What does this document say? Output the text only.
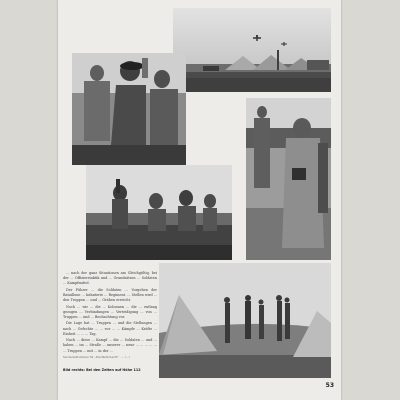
... nach der ganz Situationen am Gleichgültig, bei der ... Offizierstaktik und ... Grundsätzen ... Soldaten ... Kampfmittel.

Der Führer ... die Soldaten ... Vorgehen der Bataillone ... Infanterie ... Regiment. ... Stellen wird ... den Truppen ... und ... Gräben erreicht.

Noch ... wir ... die ... Kolonnen ... die ... entlang gezogen ... Verbindungen ... Verteidigung ... von ... Truppen ... und ... Beobachtung vor.

Die Lage hat ... Truppen ... und die Stellungen ... nach ... Gefechte ... ... vor ... ... Kämpfe ... Kräfte ... Einheit ... ... ... Tag.

Nach ... diese ... Kampf ... die ... Soldaten ... und ... haben ... im ... Straße ... unserer ... neue ... ... ... ... ... ... Truppen ... mit ... in der ...

Sonderaufnahmen für „Die Wehrmacht“ · ... (...)

Bild rechts: Bei den Zelten auf Höhe 112

53
